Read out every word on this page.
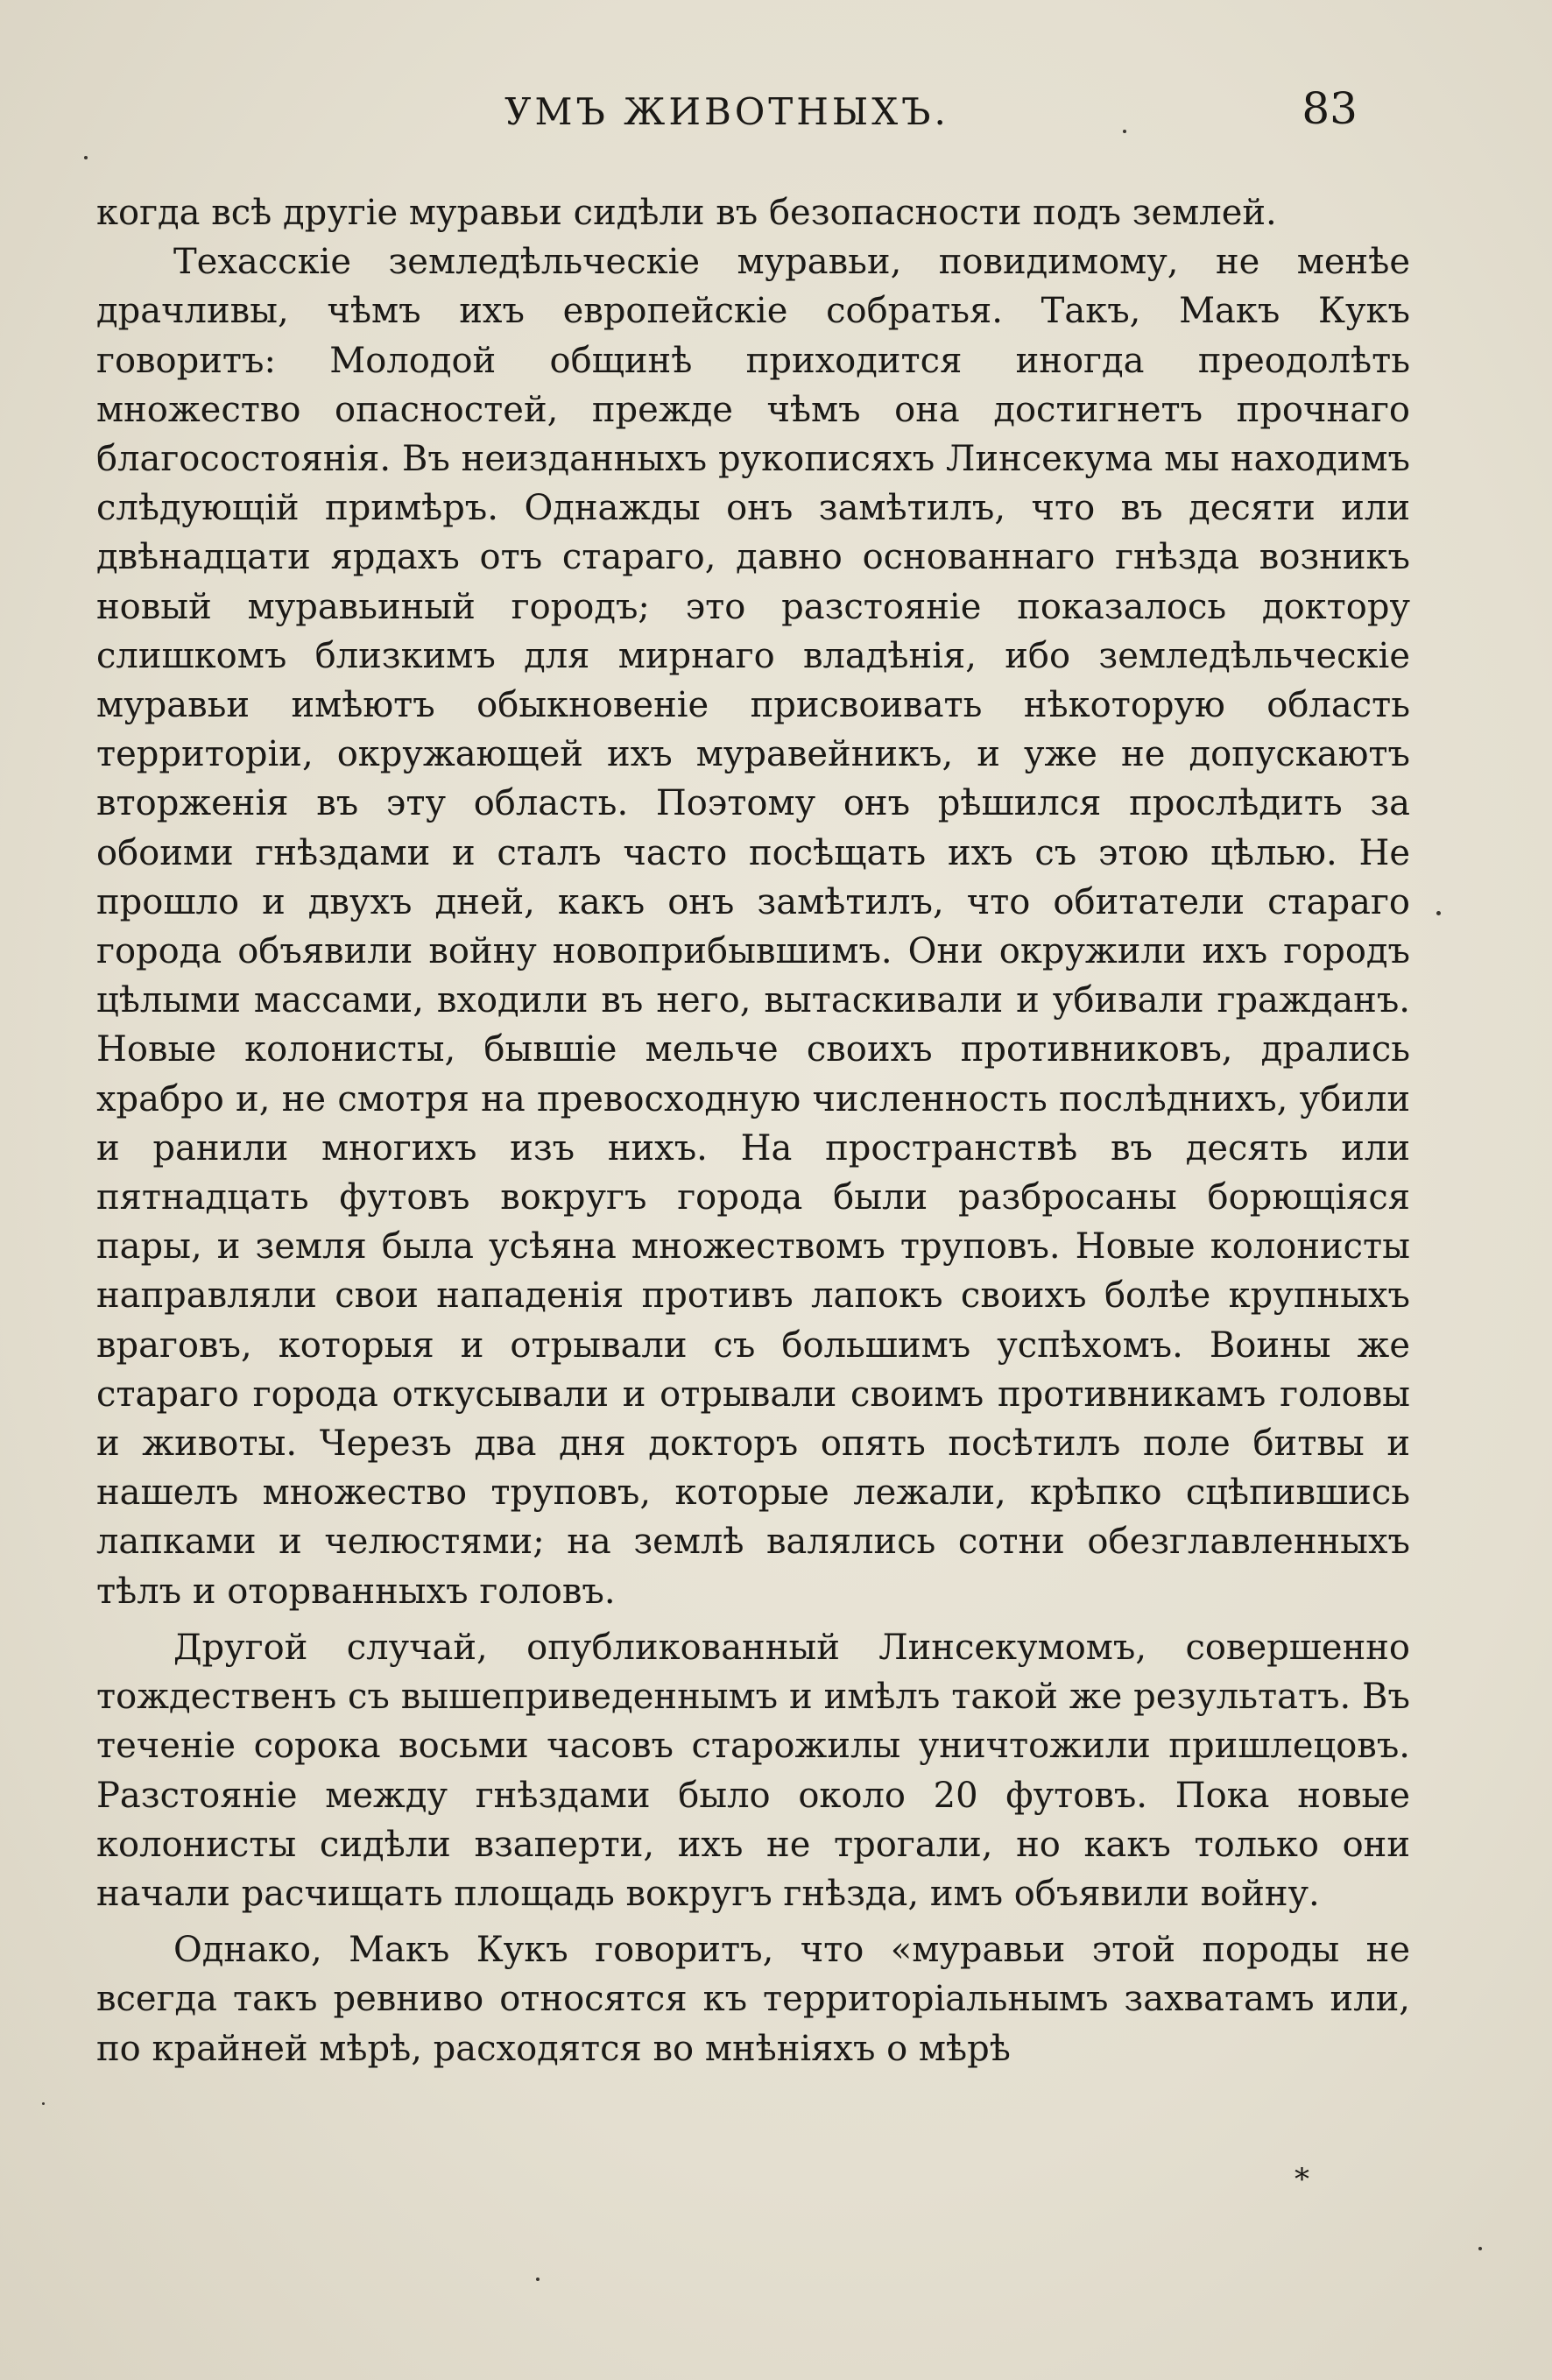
УМЪ ЖИВОТНЫХЪ.	83

когда всѣ другіе муравьи сидѣли въ безопасности подъ землей.

Техасскіе земледѣльческіе муравьи, повидимому, не менѣе драчливы, чѣмъ ихъ европейскіе собратья. Такъ, Макъ Кукъ говоритъ: Молодой общинѣ приходится иногда преодолѣть множество опасностей, прежде чѣмъ она достигнетъ прочнаго благосостоянія. Въ неизданныхъ рукописяхъ Линсекума мы находимъ слѣдующій примѣръ. Однажды онъ замѣтилъ, что въ десяти или двѣнадцати ярдахъ отъ стараго, давно основаннаго гнѣзда возникъ новый муравьиный городъ; это разстояніе показалось доктору слишкомъ близкимъ для мирнаго владѣнія, ибо земледѣльческіе муравьи имѣютъ обыкновеніе присвоивать нѣкоторую область территоріи, окружающей ихъ муравейникъ, и уже не допускаютъ вторженія въ эту область. Поэтому онъ рѣшился прослѣдить за обоими гнѣздами и сталъ часто посѣщать ихъ съ этою цѣлью. Не прошло и двухъ дней, какъ онъ замѣтилъ, что обитатели стараго города объявили войну новоприбывшимъ. Они окружили ихъ городъ цѣлыми массами, входили въ него, вытаскивали и убивали гражданъ. Новые колонисты, бывшіе мельче своихъ противниковъ, дрались храбро и, не смотря на превосходную численность послѣднихъ, убили и ранили многихъ изъ нихъ. На пространствѣ въ десять или пятнадцать футовъ вокругъ города были разбросаны борющіяся пары, и земля была усѣяна множествомъ труповъ. Новые колонисты направляли свои нападенія противъ лапокъ своихъ болѣе крупныхъ враговъ, которыя и отрывали съ большимъ успѣхомъ. Воины же стараго города откусывали и отрывали своимъ противникамъ головы и животы. Черезъ два дня докторъ опять посѣтилъ поле битвы и нашелъ множество труповъ, которые лежали, крѣпко сцѣпившись лапками и челюстями; на землѣ валялись сотни обезглавленныхъ тѣлъ и оторванныхъ головъ.

Другой случай, опубликованный Линсекумомъ, совершенно тождественъ съ вышеприведеннымъ и имѣлъ такой же результатъ. Въ теченіе сорока восьми часовъ старожилы уничтожили пришлецовъ. Разстояніе между гнѣздами было около 20 футовъ. Пока новые колонисты сидѣли взаперти, ихъ не трогали, но какъ только они начали расчищать площадь вокругъ гнѣзда, имъ объявили войну.

Однако, Макъ Кукъ говоритъ, что «муравьи этой породы не всегда такъ ревниво относятся къ территоріальнымъ захватамъ или, по крайней мѣрѣ, расходятся во мнѣніяхъ о мѣрѣ

*
